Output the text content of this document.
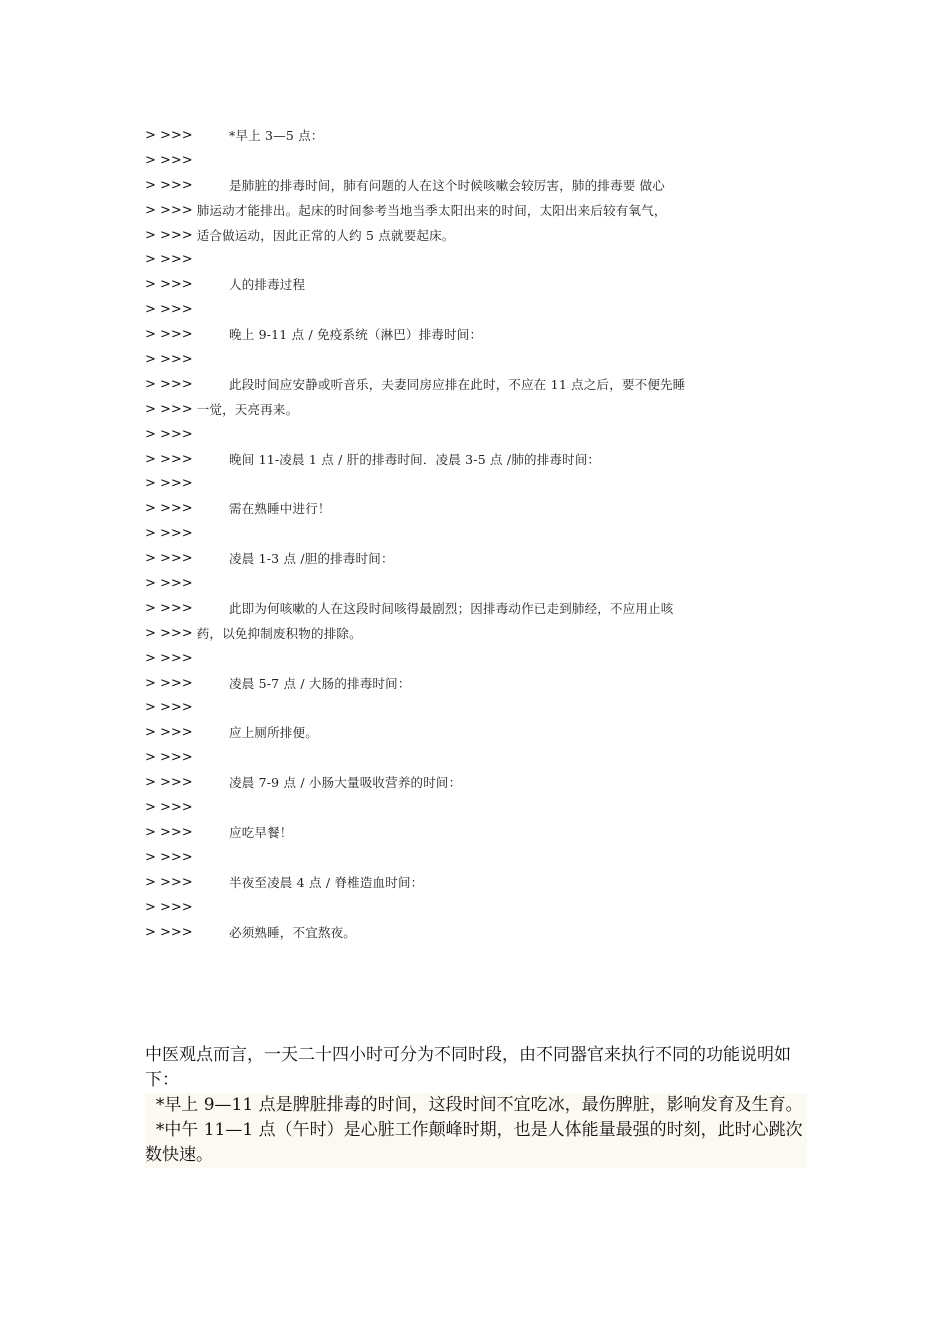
> >>>	*早上 3—5 点：
> >>>
> >>>	是肺脏的排毒时间，肺有问题的人在这个时候咳嗽会较厉害，肺的排毒要 做心
> >>> 肺运动才能排出。起床的时间参考当地当季太阳出来的时间，太阳出来后较有氧气，
> >>> 适合做运动，因此正常的人约 5 点就要起床。
> >>>
> >>>	人的排毒过程
> >>>
> >>>	晚上 9-11 点 / 免疫系统（淋巴）排毒时间：
> >>>
> >>>	此段时间应安静或听音乐，夫妻同房应排在此时，不应在 11 点之后，要不便先睡
> >>> 一觉，天亮再来。
> >>>
> >>>	晚间 11-凌晨 1 点 / 肝的排毒时间．凌晨 3-5 点 /肺的排毒时间：
> >>>
> >>>	需在熟睡中进行！
> >>>
> >>>	凌晨 1-3 点 /胆的排毒时间：
> >>>
> >>>	此即为何咳嗽的人在这段时间咳得最剧烈；因排毒动作已走到肺经，不应用止咳
> >>> 药，以免抑制废积物的排除。
> >>>
> >>>	凌晨 5-7 点 / 大肠的排毒时间：
> >>>
> >>>	应上厕所排便。
> >>>
> >>>	凌晨 7-9 点 / 小肠大量吸收营养的时间：
> >>>
> >>>	应吃早餐！
> >>>
> >>>	半夜至凌晨 4 点 / 脊椎造血时间：
> >>>
> >>>	必须熟睡，不宜熬夜。

中医观点而言，一天二十四小时可分为不同时段，由不同器官来执行不同的功能说明如下：

*早上 9—11 点是脾脏排毒的时间，这段时间不宜吃冰，最伤脾脏，影响发育及生育。

*中午 11—1 点（午时）是心脏工作颠峰时期，也是人体能量最强的时刻，此时心跳次数快速。
